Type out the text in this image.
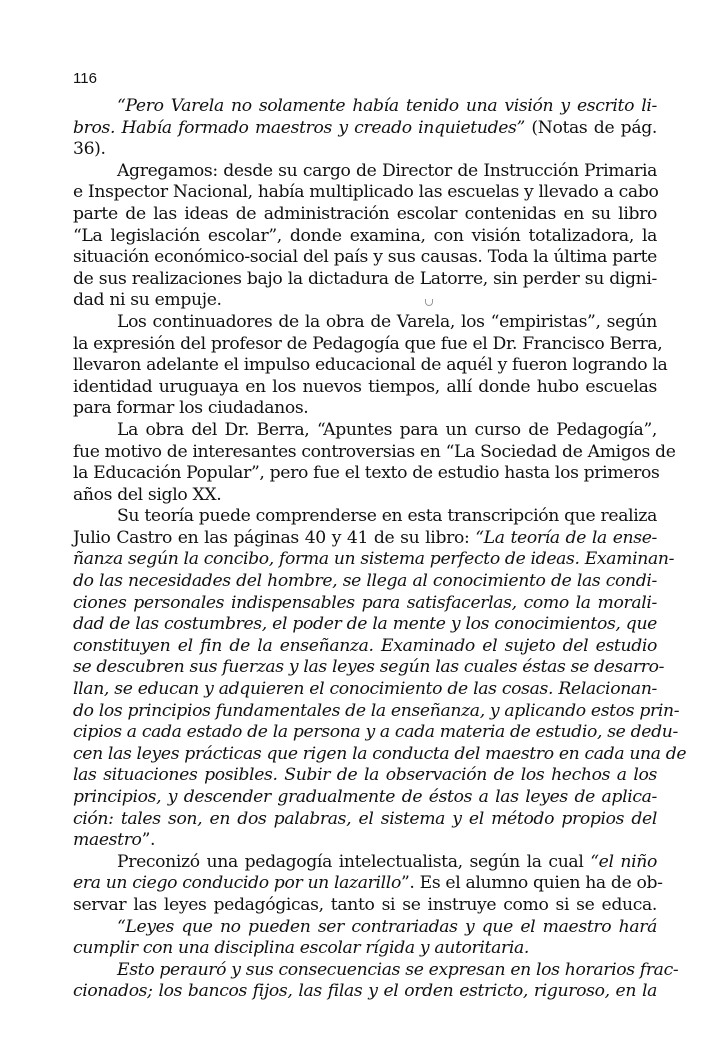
116
“Pero Varela no solamente había tenido una visión y escrito li-
bros. Había formado maestros y creado inquietudes” (Notas de pág.
36).
Agregamos: desde su cargo de Director de Instrucción Primaria
e Inspector Nacional, había multiplicado las escuelas y llevado a cabo
parte de las ideas de administración escolar contenidas en su libro
“La legislación escolar”, donde examina, con visión totalizadora, la
situación económico-social del país y sus causas. Toda la última parte
de sus realizaciones bajo la dictadura de Latorre, sin perder su digni-
dad ni su empuje.
Los continuadores de la obra de Varela, los “empiristas”, según
la expresión del profesor de Pedagogía que fue el Dr. Francisco Berra,
llevaron adelante el impulso educacional de aquél y fueron logrando la
identidad uruguaya en los nuevos tiempos, allí donde hubo escuelas
para formar los ciudadanos.
La obra del Dr. Berra, “Apuntes para un curso de Pedagogía”,
fue motivo de interesantes controversias en “La Sociedad de Amigos de
la Educación Popular”, pero fue el texto de estudio hasta los primeros
años del siglo XX.
Su teoría puede comprenderse en esta transcripción que realiza
Julio Castro en las páginas 40 y 41 de su libro: “La teoría de la ense-
ñanza según la concibo, forma un sistema perfecto de ideas. Examinan-
do las necesidades del hombre, se llega al conocimiento de las condi-
ciones personales indispensables para satisfacerlas, como la morali-
dad de las costumbres, el poder de la mente y los conocimientos, que
constituyen el fin de la enseñanza. Examinado el sujeto del estudio
se descubren sus fuerzas y las leyes según las cuales éstas se desarro-
llan, se educan y adquieren el conocimiento de las cosas. Relacionan-
do los principios fundamentales de la enseñanza, y aplicando estos prin-
cipios a cada estado de la persona y a cada materia de estudio, se dedu-
cen las leyes prácticas que rigen la conducta del maestro en cada una de
las situaciones posibles. Subir de la observación de los hechos a los
principios, y descender gradualmente de éstos a las leyes de aplica-
ción: tales son, en dos palabras, el sistema y el método propios del
maestro”.
Preconizó una pedagogía intelectualista, según la cual “el niño
era un ciego conducido por un lazarillo”. Es el alumno quien ha de ob-
servar las leyes pedagógicas, tanto si se instruye como si se educa.
“Leyes que no pueden ser contrariadas y que el maestro hará
cumplir con una disciplina escolar rígida y autoritaria.
Esto perauró y sus consecuencias se expresan en los horarios frac-
cionados; los bancos fijos, las filas y el orden estricto, riguroso, en la
